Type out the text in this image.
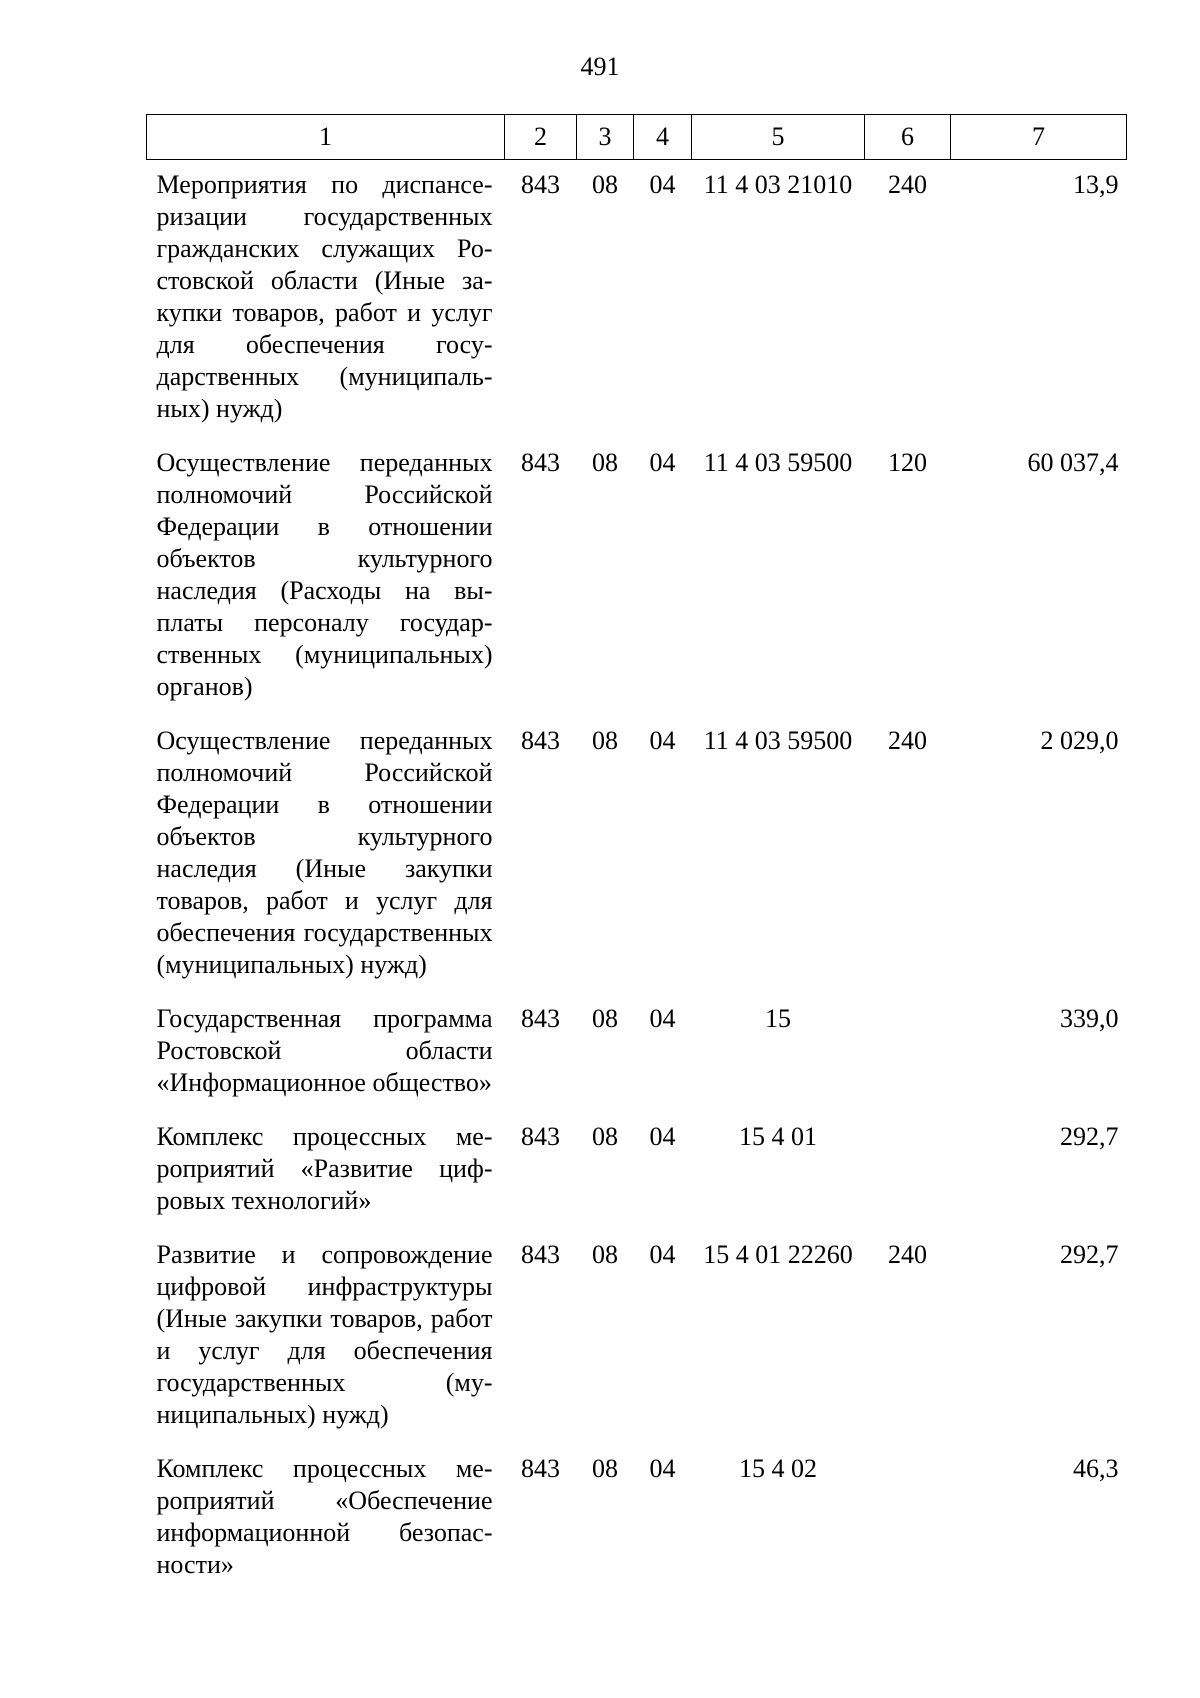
491
1	2	3	4	5	6	7
Мероприятия по диспансеризации государственных гражданских служащих Ростовской области (Иные закупки товаров, работ и услуг для обеспечения государственных (муниципальных) нужд)	843	08	04	11 4 03 21010	240	13,9
Осуществление переданных полномочий Российской Федерации в отношении объектов культурного наследия (Расходы на выплаты персоналу государственных (муниципальных) органов)	843	08	04	11 4 03 59500	120	60 037,4
Осуществление переданных полномочий Российской Федерации в отношении объектов культурного наследия (Иные закупки товаров, работ и услуг для обеспечения государственных (муниципальных) нужд)	843	08	04	11 4 03 59500	240	2 029,0
Государственная программа Ростовской области «Информационное общество»	843	08	04	15		339,0
Комплекс процессных мероприятий «Развитие цифровых технологий»	843	08	04	15 4 01		292,7
Развитие и сопровождение цифровой инфраструктуры (Иные закупки товаров, работ и услуг для обеспечения государственных (муниципальных) нужд)	843	08	04	15 4 01 22260	240	292,7
Комплекс процессных мероприятий «Обеспечение информационной безопасности»	843	08	04	15 4 02		46,3
